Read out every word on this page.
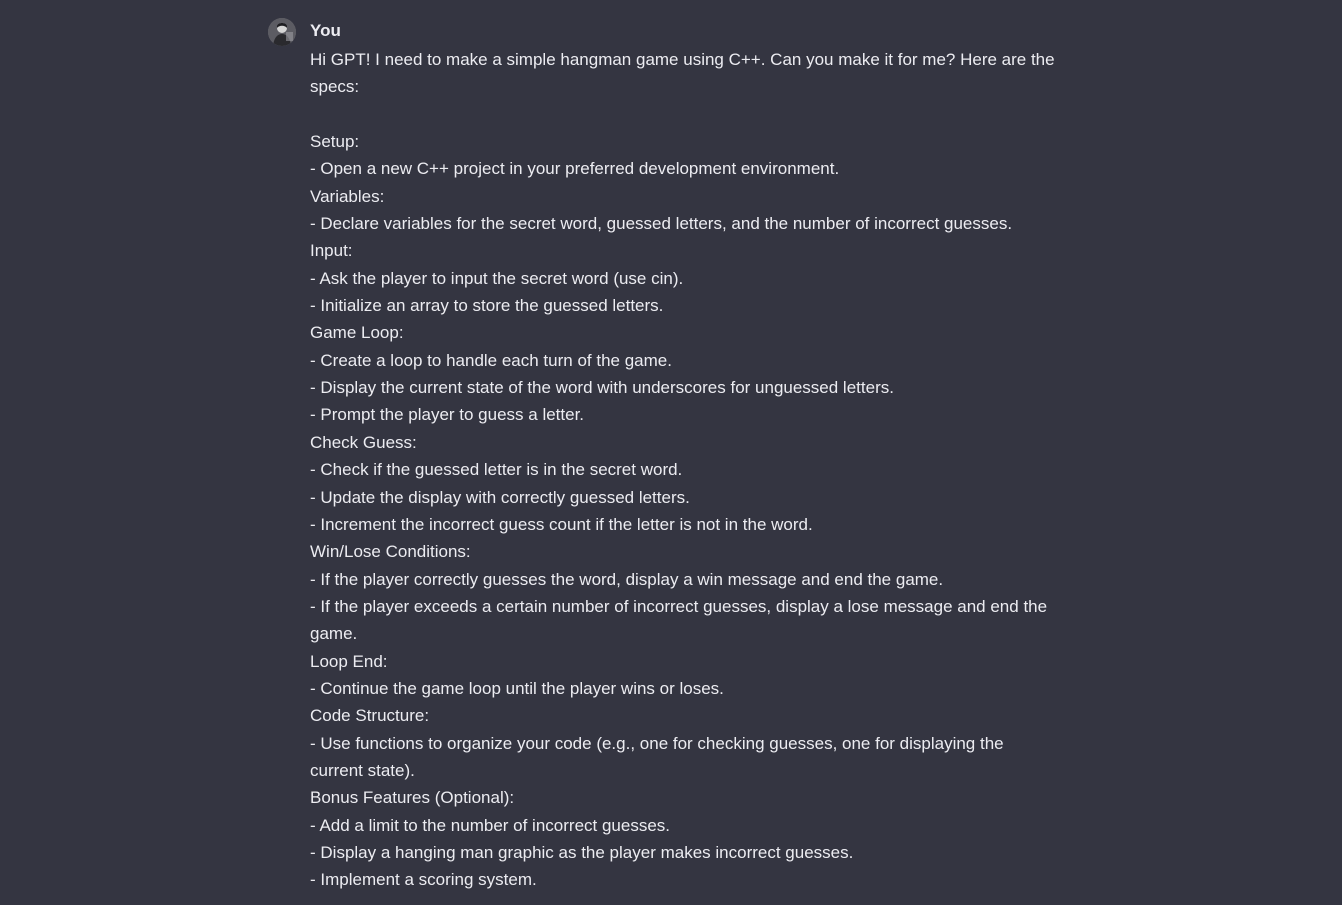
You
Hi GPT! I need to make a simple hangman game using C++. Can you make it for me? Here are the
specs:
Setup:
- Open a new C++ project in your preferred development environment.
Variables:
- Declare variables for the secret word, guessed letters, and the number of incorrect guesses.
Input:
- Ask the player to input the secret word (use cin).
- Initialize an array to store the guessed letters.
Game Loop:
- Create a loop to handle each turn of the game.
- Display the current state of the word with underscores for unguessed letters.
- Prompt the player to guess a letter.
Check Guess:
- Check if the guessed letter is in the secret word.
- Update the display with correctly guessed letters.
- Increment the incorrect guess count if the letter is not in the word.
Win/Lose Conditions:
- If the player correctly guesses the word, display a win message and end the game.
- If the player exceeds a certain number of incorrect guesses, display a lose message and end the
game.
Loop End:
- Continue the game loop until the player wins or loses.
Code Structure:
- Use functions to organize your code (e.g., one for checking guesses, one for displaying the
current state).
Bonus Features (Optional):
- Add a limit to the number of incorrect guesses.
- Display a hanging man graphic as the player makes incorrect guesses.
- Implement a scoring system.
